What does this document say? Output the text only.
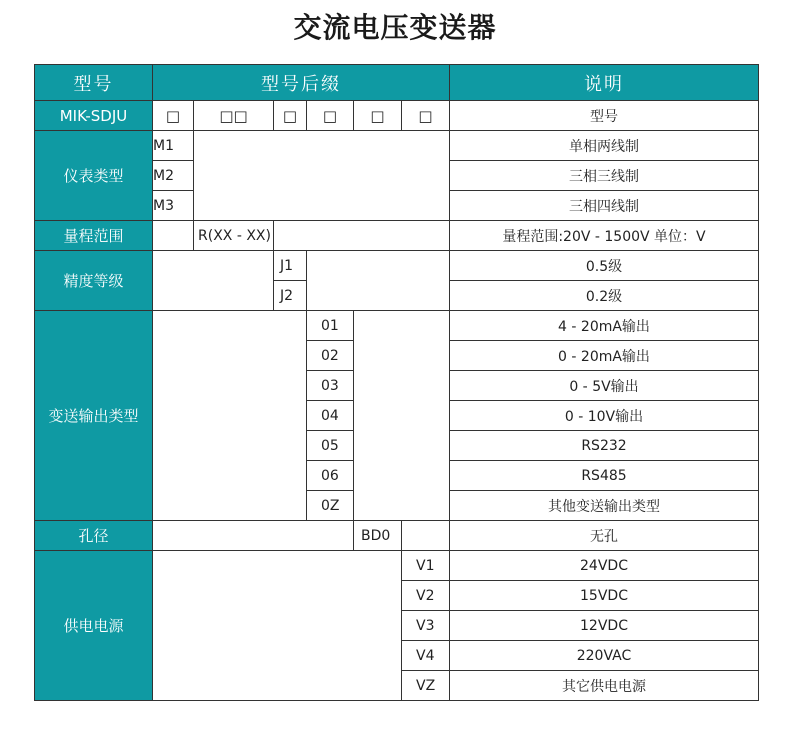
交流电压变送器
型号	型号后缀						说明
MIK-SDJU	□	□□	□	□	□	□	型号
仪表类型	M1						单相两线制
	M2						三相三线制
	M3						三相四线制
量程范围		R(XX - XX)					量程范围:20V - 1500V 单位：V
精度等级			J1				0.5级
			J2				0.2级
变送输出类型				01			4 - 20mA输出
				02			0 - 20mA输出
				03			0 - 5V输出
				04			0 - 10V输出
				05			RS232
				06			RS485
				0Z			其他变送输出类型
孔径					BD0		无孔
供电电源						V1	24VDC
						V2	15VDC
						V3	12VDC
						V4	220VAC
						VZ	其它供电电源
